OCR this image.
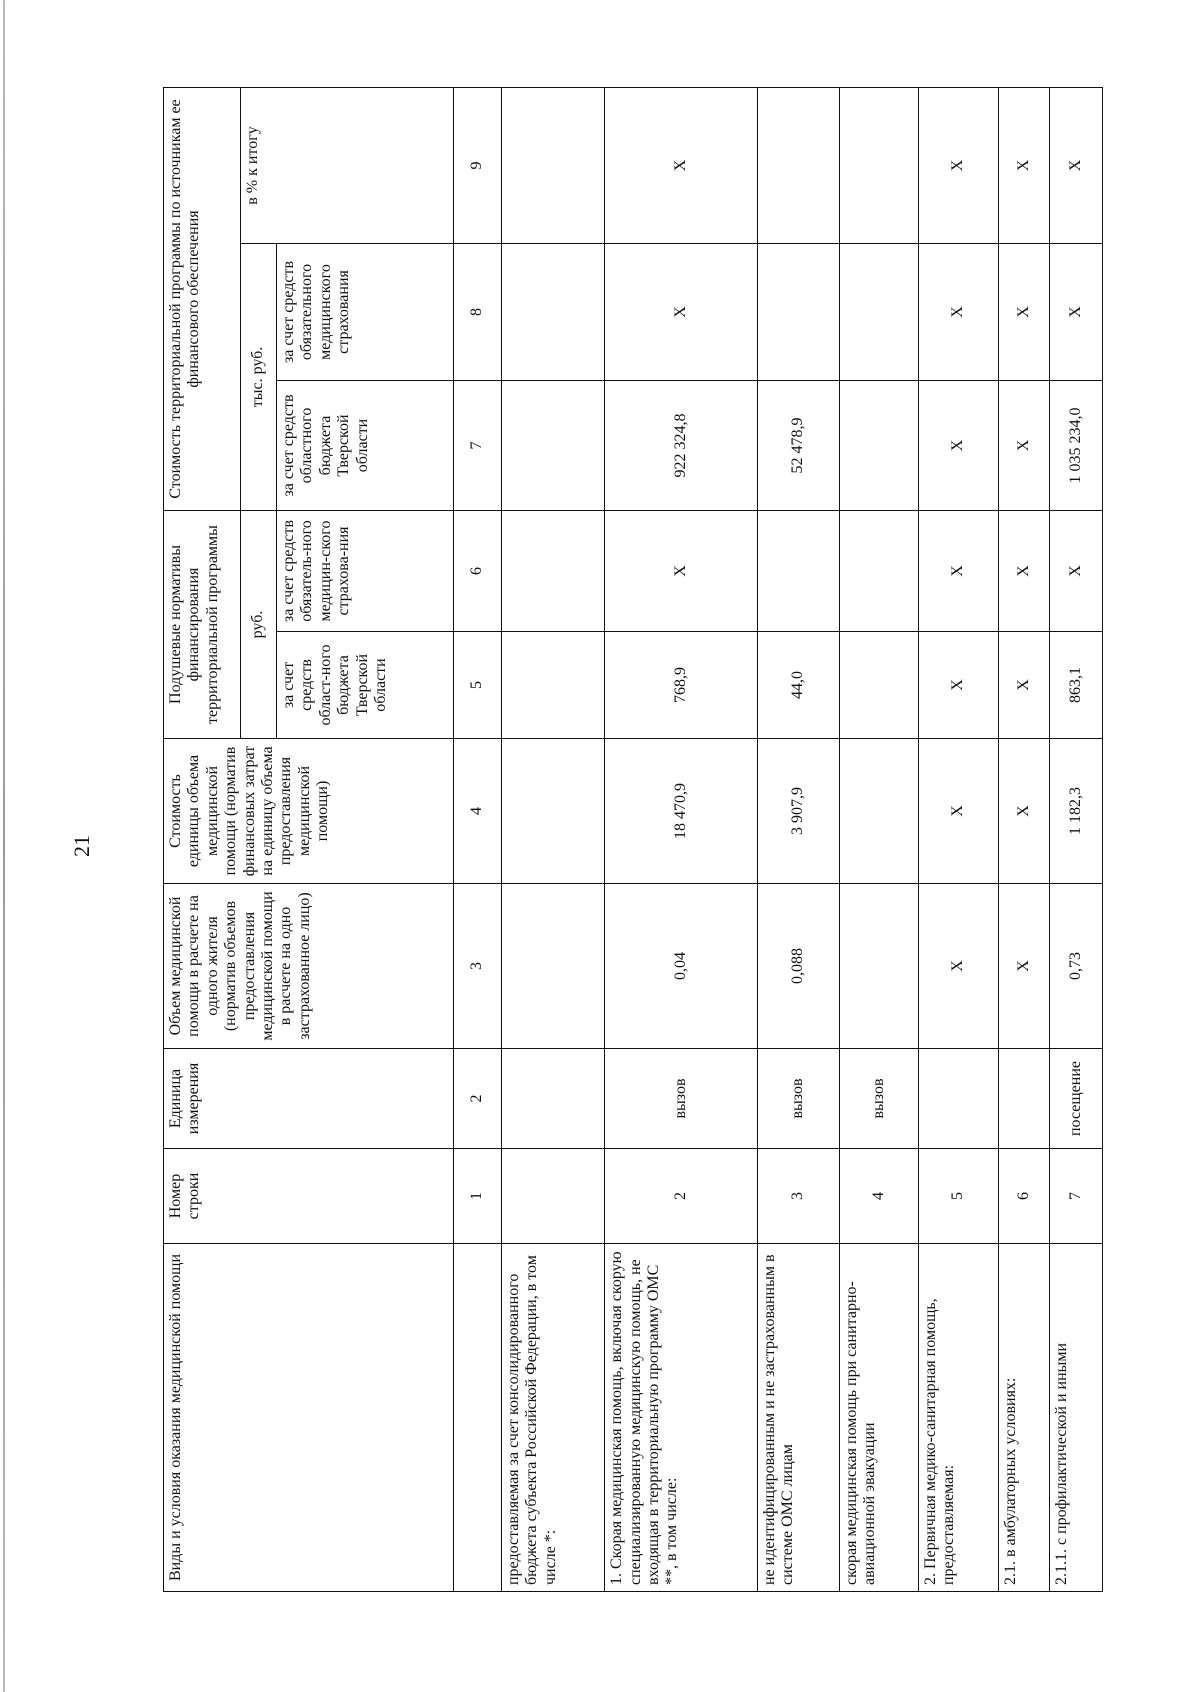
21
Виды и условия оказания медицинской помощи	Номер строки	Единица измерения	Объем медицинской помощи в расчете на одного жителя (норматив объемов предоставления медицинской помощи в расчете на одно застрахованное лицо)	Стоимость единицы объема медицинской помощи (норматив финансовых затрат на единицу объема предоставления медицинской помощи)	Подушевые нормативы финансирования территориальной программы		Стоимость территориальной программы по источникам ее финансового обеспечения		
					руб.		тыс. руб.		в % к итогу
					за счет средств област-ного бюджета Тверской области	за счет средств обязатель-ного медицин-ского страхова-ния	за счет средств областного бюджета Тверской области	за счет средств обязательного медицинского страхования	
	1	2	3	4	5	6	7	8	9
предоставляемая за счет консолидированного бюджета субъекта Российской Федерации, в том числе *:									
1. Скорая медицинская помощь, включая скорую специализированную медицинскую помощь, не входящая в территориальную программу ОМС **, в том числе:	2	вызов	0,04	18 470,9	768,9	Х	922 324,8	Х	Х
не идентифицированным и не застрахованным в системе ОМС лицам	3	вызов	0,088	3 907,9	44,0		52 478,9		
скорая медицинская помощь при санитарно-авиационной эвакуации	4	вызов							
2. Первичная медико-санитарная помощь, предоставляемая:	5		Х	Х	Х	Х	Х	Х	Х
2.1. в амбулаторных условиях:	6		Х	Х	Х	Х	Х	Х	Х
2.1.1. с профилактической и иными	7	посещение	0,73	1 182,3	863,1	Х	1 035 234,0	Х	Х
